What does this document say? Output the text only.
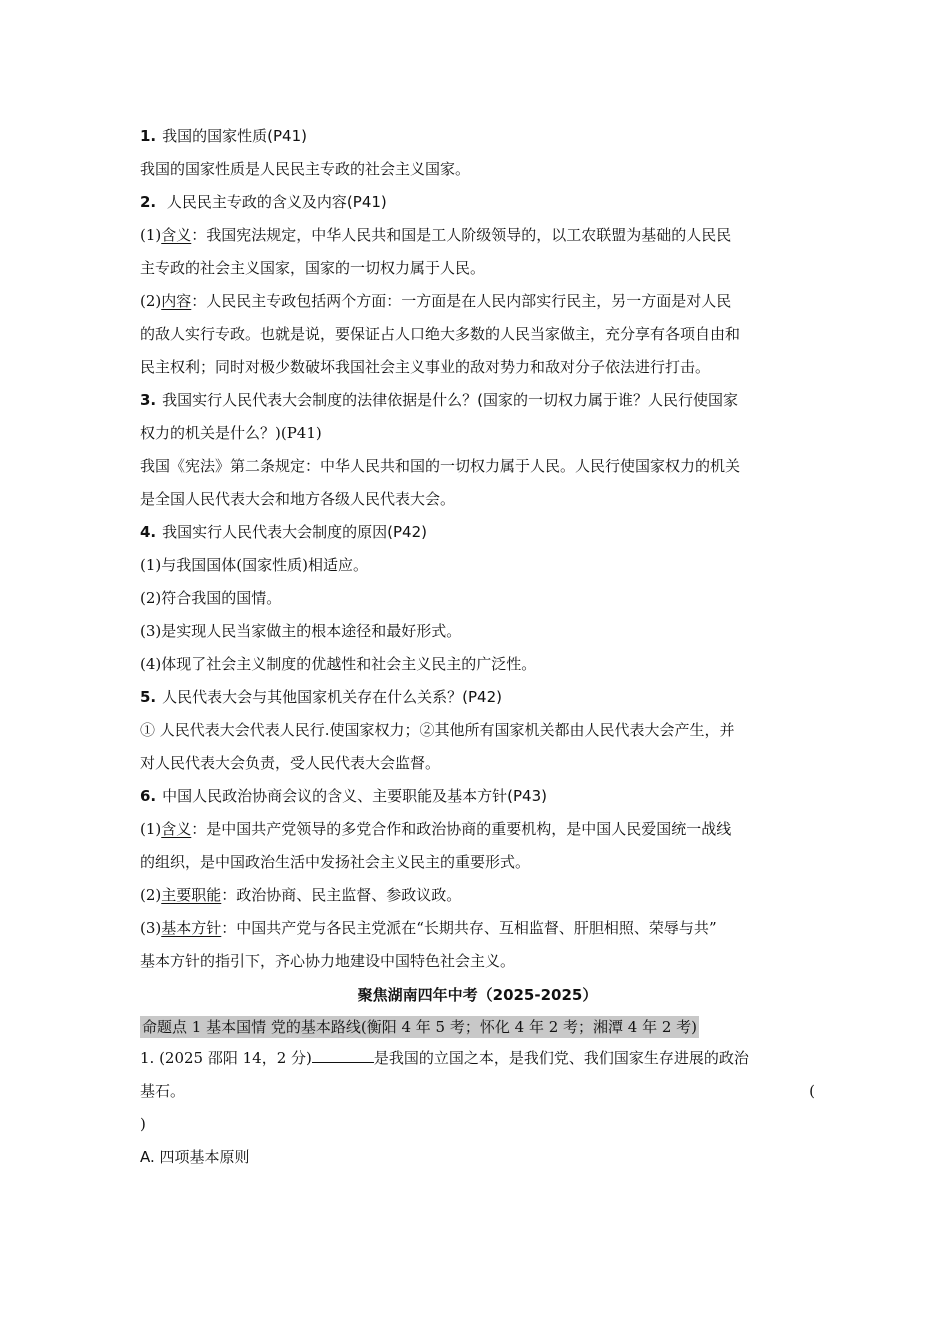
1. 我国的国家性质(P41)
我国的国家性质是人民民主专政的社会主义国家。
2. 人民民主专政的含义及内容(P41)
(1)含义：我国宪法规定，中华人民共和国是工人阶级领导的，以工农联盟为基础的人民民
主专政的社会主义国家，国家的一切权力属于人民。
(2)内容：人民民主专政包括两个方面：一方面是在人民内部实行民主，另一方面是对人民
的敌人实行专政。也就是说，要保证占人口绝大多数的人民当家做主，充分享有各项自由和
民主权利；同时对极少数破坏我国社会主义事业的敌对势力和敌对分子依法进行打击。
3. 我国实行人民代表大会制度的法律依据是什么？(国家的一切权力属于谁？人民行使国家
权力的机关是什么？)(P41)
我国《宪法》第二条规定：中华人民共和国的一切权力属于人民。人民行使国家权力的机关
是全国人民代表大会和地方各级人民代表大会。
4. 我国实行人民代表大会制度的原因(P42)
(1)与我国国体(国家性质)相适应。
(2)符合我国的国情。
(3)是实现人民当家做主的根本途径和最好形式。
(4)体现了社会主义制度的优越性和社会主义民主的广泛性。
5. 人民代表大会与其他国家机关存在什么关系？(P42)
① 人民代表大会代表人民行.使国家权力；②其他所有国家机关都由人民代表大会产生，并
对人民代表大会负责，受人民代表大会监督。
6. 中国人民政治协商会议的含义、主要职能及基本方针(P43)
(1)含义：是中国共产党领导的多党合作和政治协商的重要机构，是中国人民爱国统一战线
的组织，是中国政治生活中发扬社会主义民主的重要形式。
(2)主要职能：政治协商、民主监督、参政议政。
(3)基本方针：中国共产党与各民主党派在“长期共存、互相监督、肝胆相照、荣辱与共”
基本方针的指引下，齐心协力地建设中国特色社会主义。
聚焦湖南四年中考（2025-2025）
命题点 1 基本国情 党的基本路线(衡阳 4 年 5 考；怀化 4 年 2 考；湘潭 4 年 2 考)
1. (2025 邵阳 14，2 分)	是我国的立国之本，是我们党、我们国家生存进展的政治
基石。	(
)
A. 四项基本原则
